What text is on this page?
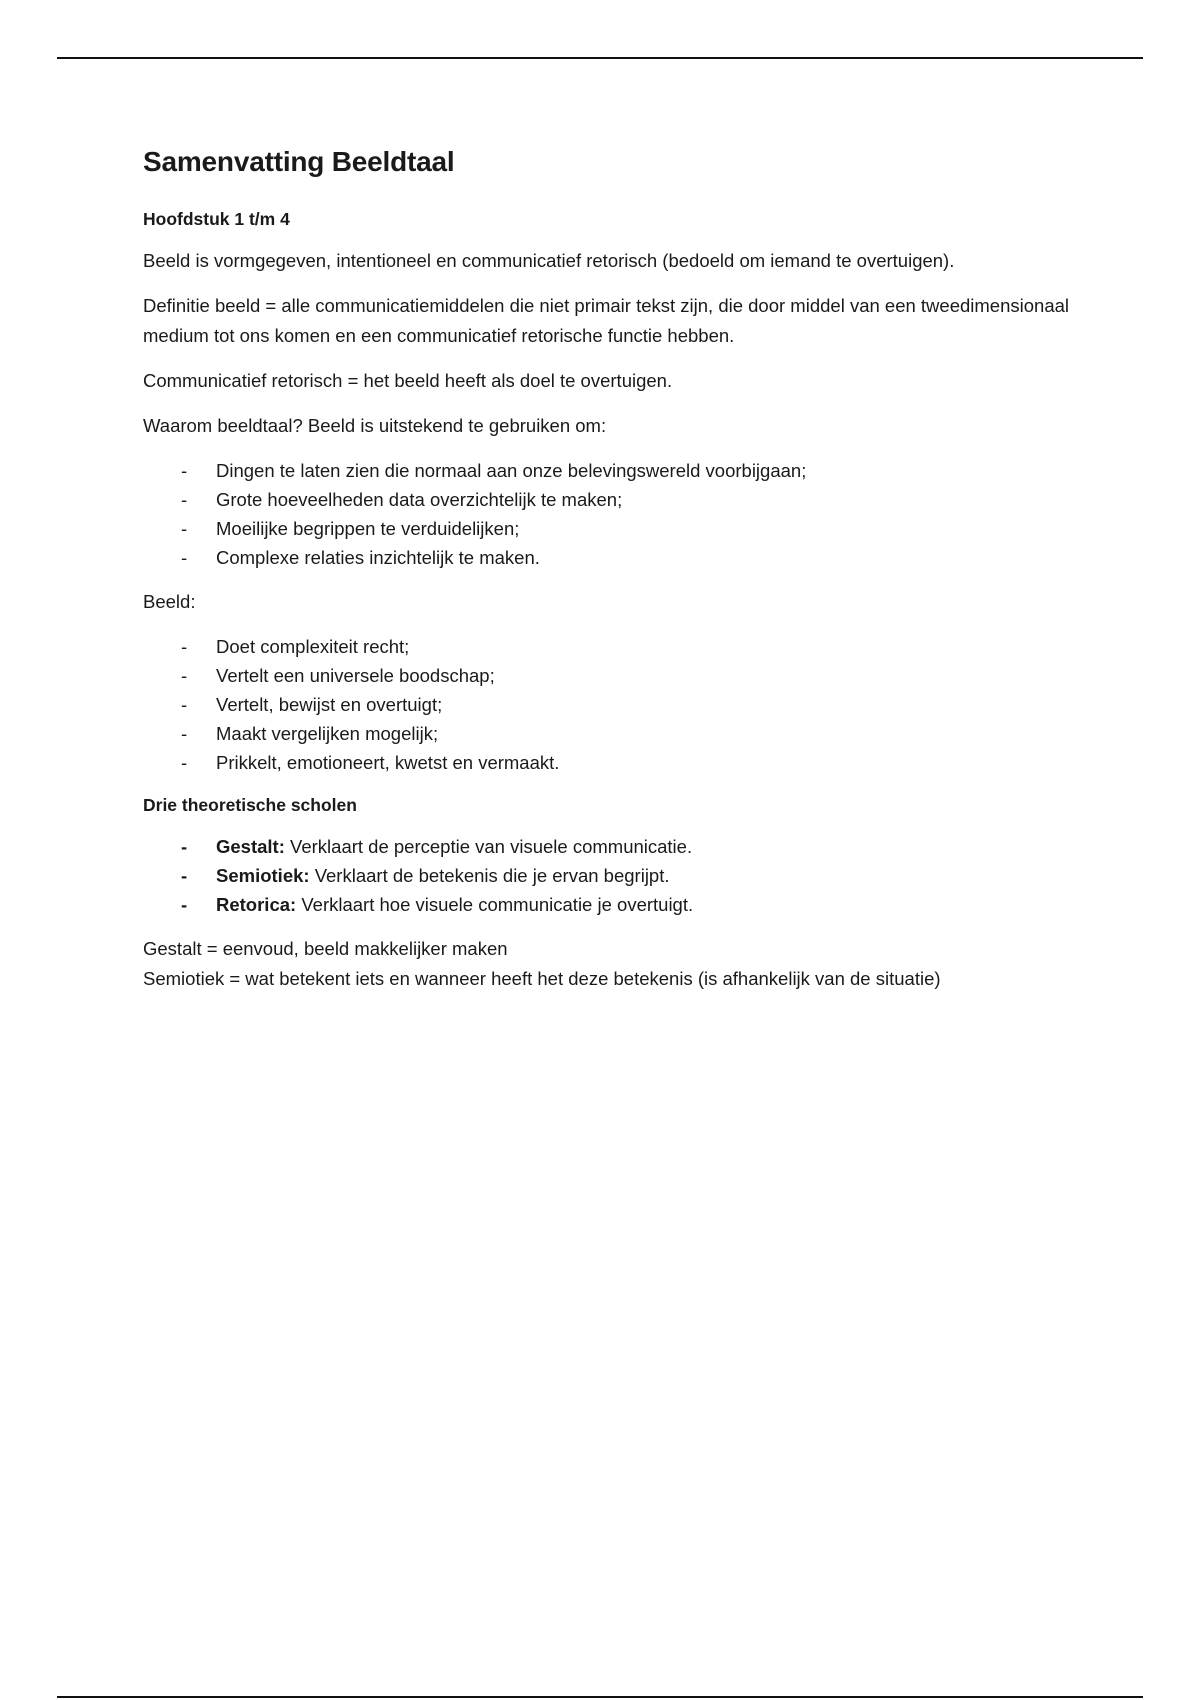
Samenvatting Beeldtaal
Hoofdstuk 1 t/m 4

Beeld is vormgegeven, intentioneel en communicatief retorisch (bedoeld om iemand te overtuigen).

Definitie beeld = alle communicatiemiddelen die niet primair tekst zijn, die door middel van een tweedimensionaal medium tot ons komen en een communicatief retorische functie hebben.

Communicatief retorisch = het beeld heeft als doel te overtuigen.

Waarom beeldtaal? Beeld is uitstekend te gebruiken om:

- Dingen te laten zien die normaal aan onze belevingswereld voorbijgaan;
- Grote hoeveelheden data overzichtelijk te maken;
- Moeilijke begrippen te verduidelijken;
- Complexe relaties inzichtelijk te maken.

Beeld:

- Doet complexiteit recht;
- Vertelt een universele boodschap;
- Vertelt, bewijst en overtuigt;
- Maakt vergelijken mogelijk;
- Prikkelt, emotioneert, kwetst en vermaakt.
Drie theoretische scholen
- Gestalt: Verklaart de perceptie van visuele communicatie.
- Semiotiek: Verklaart de betekenis die je ervan begrijpt.
- Retorica: Verklaart hoe visuele communicatie je overtuigt.

Gestalt = eenvoud, beeld makkelijker maken

Semiotiek = wat betekent iets en wanneer heeft het deze betekenis (is afhankelijk van de situatie)
